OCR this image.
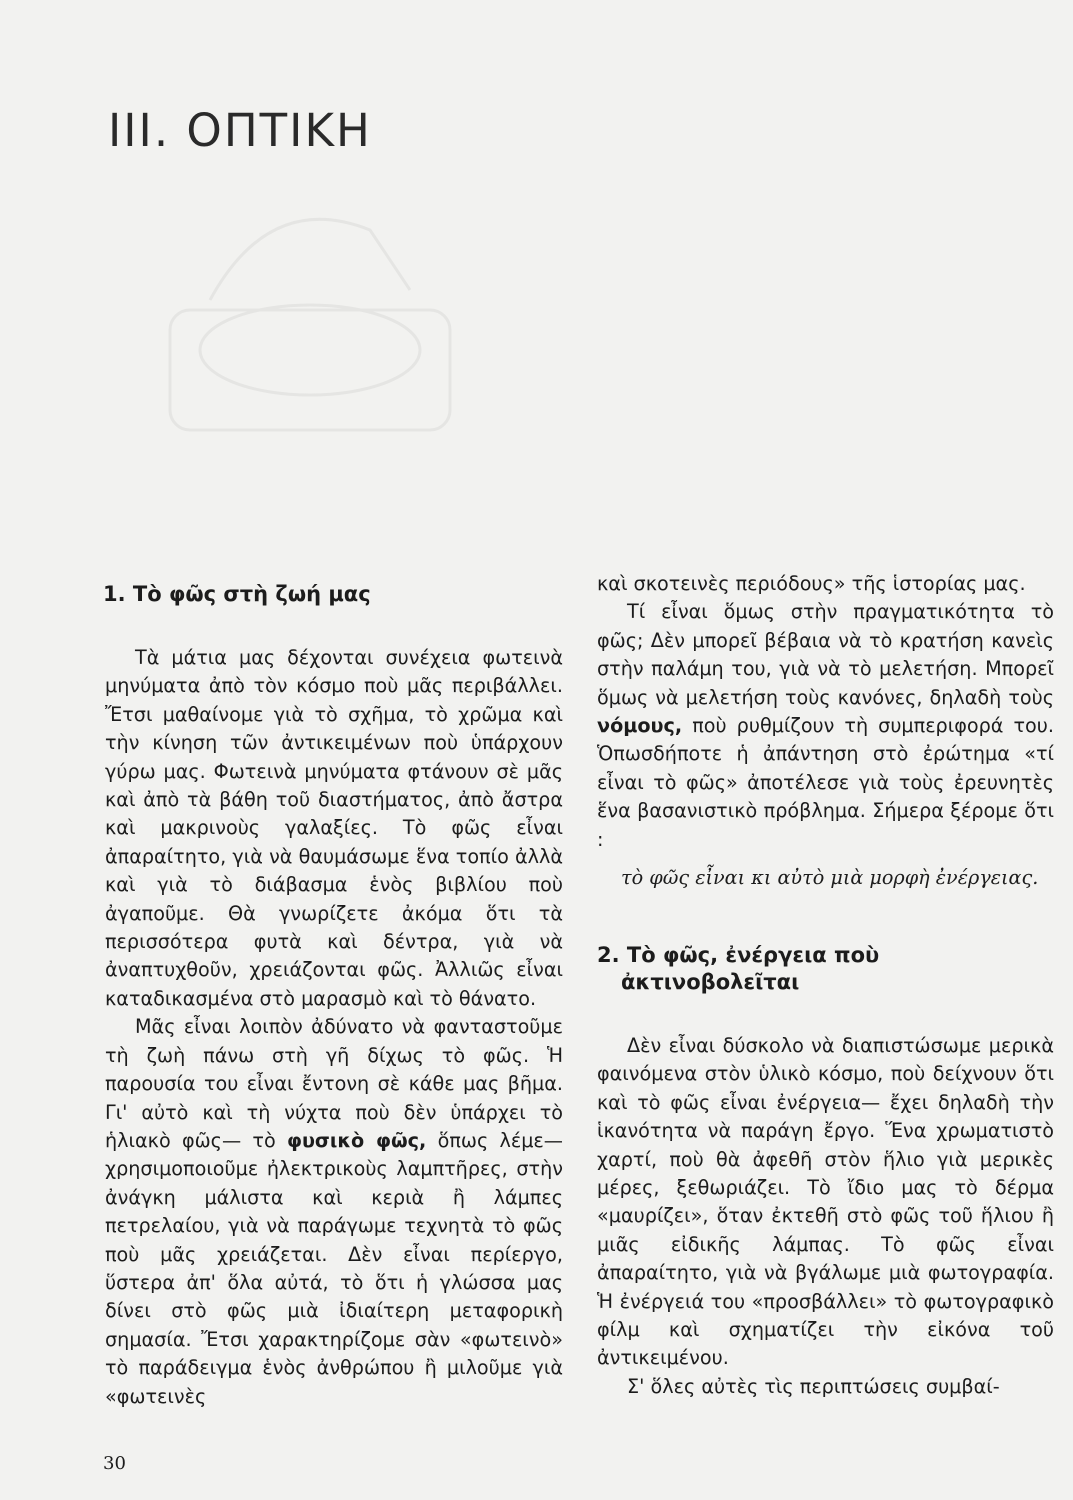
III. ΟΠΤΙΚΗ
1. Τὸ φῶς στὴ ζωή μας

Τὰ μάτια μας δέχονται συνέχεια φωτεινὰ μηνύματα ἀπὸ τὸν κόσμο ποὺ μᾶς περιβάλλει. Ἔτσι μαθαίνομε γιὰ τὸ σχῆμα, τὸ χρῶμα καὶ τὴν κίνηση τῶν ἀντικειμένων ποὺ ὑπάρχουν γύρω μας. Φωτεινὰ μηνύματα φτάνουν σὲ μᾶς καὶ ἀπὸ τὰ βάθη τοῦ διαστήματος, ἀπὸ ἄστρα καὶ μακρινοὺς γαλαξίες. Τὸ φῶς εἶναι ἀπαραίτητο, γιὰ νὰ θαυμάσωμε ἕνα τοπίο ἀλλὰ καὶ γιὰ τὸ διάβασμα ἑνὸς βιβλίου ποὺ ἀγαποῦμε. Θὰ γνωρίζετε ἀκόμα ὅτι τὰ περισσότερα φυτὰ καὶ δέντρα, γιὰ νὰ ἀναπτυχθοῦν, χρειάζονται φῶς. Ἀλλιῶς εἶναι καταδικασμένα στὸ μαρασμὸ καὶ τὸ θάνατο.

Μᾶς εἶναι λοιπὸν ἀδύνατο νὰ φανταστοῦμε τὴ ζωὴ πάνω στὴ γῆ δίχως τὸ φῶς. Ἡ παρουσία του εἶναι ἔντονη σὲ κάθε μας βῆμα. Γι' αὐτὸ καὶ τὴ νύχτα ποὺ δὲν ὑπάρχει τὸ ἡλιακὸ φῶς— τὸ φυσικὸ φῶς, ὅπως λέμε— χρησιμοποιοῦμε ἠλεκτρικοὺς λαμπτῆρες, στὴν ἀνάγκη μάλιστα καὶ κεριὰ ἢ λάμπες πετρελαίου, γιὰ νὰ παράγωμε τεχνητὰ τὸ φῶς ποὺ μᾶς χρειάζεται. Δὲν εἶναι περίεργο, ὕστερα ἀπ' ὅλα αὐτά, τὸ ὅτι ἡ γλώσσα μας δίνει στὸ φῶς μιὰ ἰδιαίτερη μεταφορικὴ σημασία. Ἔτσι χαρακτηρίζομε σὰν «φωτεινὸ» τὸ παράδειγμα ἑνὸς ἀνθρώπου ἢ μιλοῦμε γιὰ «φωτεινὲς

καὶ σκοτεινὲς περιόδους» τῆς ἱστορίας μας.

Τί εἶναι ὅμως στὴν πραγματικότητα τὸ φῶς; Δὲν μπορεῖ βέβαια νὰ τὸ κρατήση κανεὶς στὴν παλάμη του, γιὰ νὰ τὸ μελετήση. Μπορεῖ ὅμως νὰ μελετήση τοὺς κανόνες, δηλαδὴ τοὺς νόμους, ποὺ ρυθμίζουν τὴ συμπεριφορά του. Ὁπωσδήποτε ἡ ἀπάντηση στὸ ἐρώτημα «τί εἶναι τὸ φῶς» ἀποτέλεσε γιὰ τοὺς ἐρευνητὲς ἕνα βασανιστικὸ πρόβλημα. Σήμερα ξέρομε ὅτι :

τὸ φῶς εἶναι κι αὐτὸ μιὰ μορφὴ ἐνέργειας.

2. Τὸ φῶς, ἐνέργεια ποὺ
ἀκτινοβολεῖται

Δὲν εἶναι δύσκολο νὰ διαπιστώσωμε μερικὰ φαινόμενα στὸν ὑλικὸ κόσμο, ποὺ δείχνουν ὅτι καὶ τὸ φῶς εἶναι ἐνέργεια— ἔχει δηλαδὴ τὴν ἱκανότητα νὰ παράγη ἔργο. Ἕνα χρωματιστὸ χαρτί, ποὺ θὰ ἀφεθῆ στὸν ἥλιο γιὰ μερικὲς μέρες, ξεθωριάζει. Τὸ ἴδιο μας τὸ δέρμα «μαυρίζει», ὅταν ἐκτεθῆ στὸ φῶς τοῦ ἥλιου ἢ μιᾶς εἰδικῆς λάμπας. Τὸ φῶς εἶναι ἀπαραίτητο, γιὰ νὰ βγάλωμε μιὰ φωτογραφία. Ἡ ἐνέργειά του «προσβάλλει» τὸ φωτογραφικὸ φίλμ καὶ σχηματίζει τὴν εἰκόνα τοῦ ἀντικειμένου.

Σ' ὅλες αὐτὲς τὶς περιπτώσεις συμβαί-

30
